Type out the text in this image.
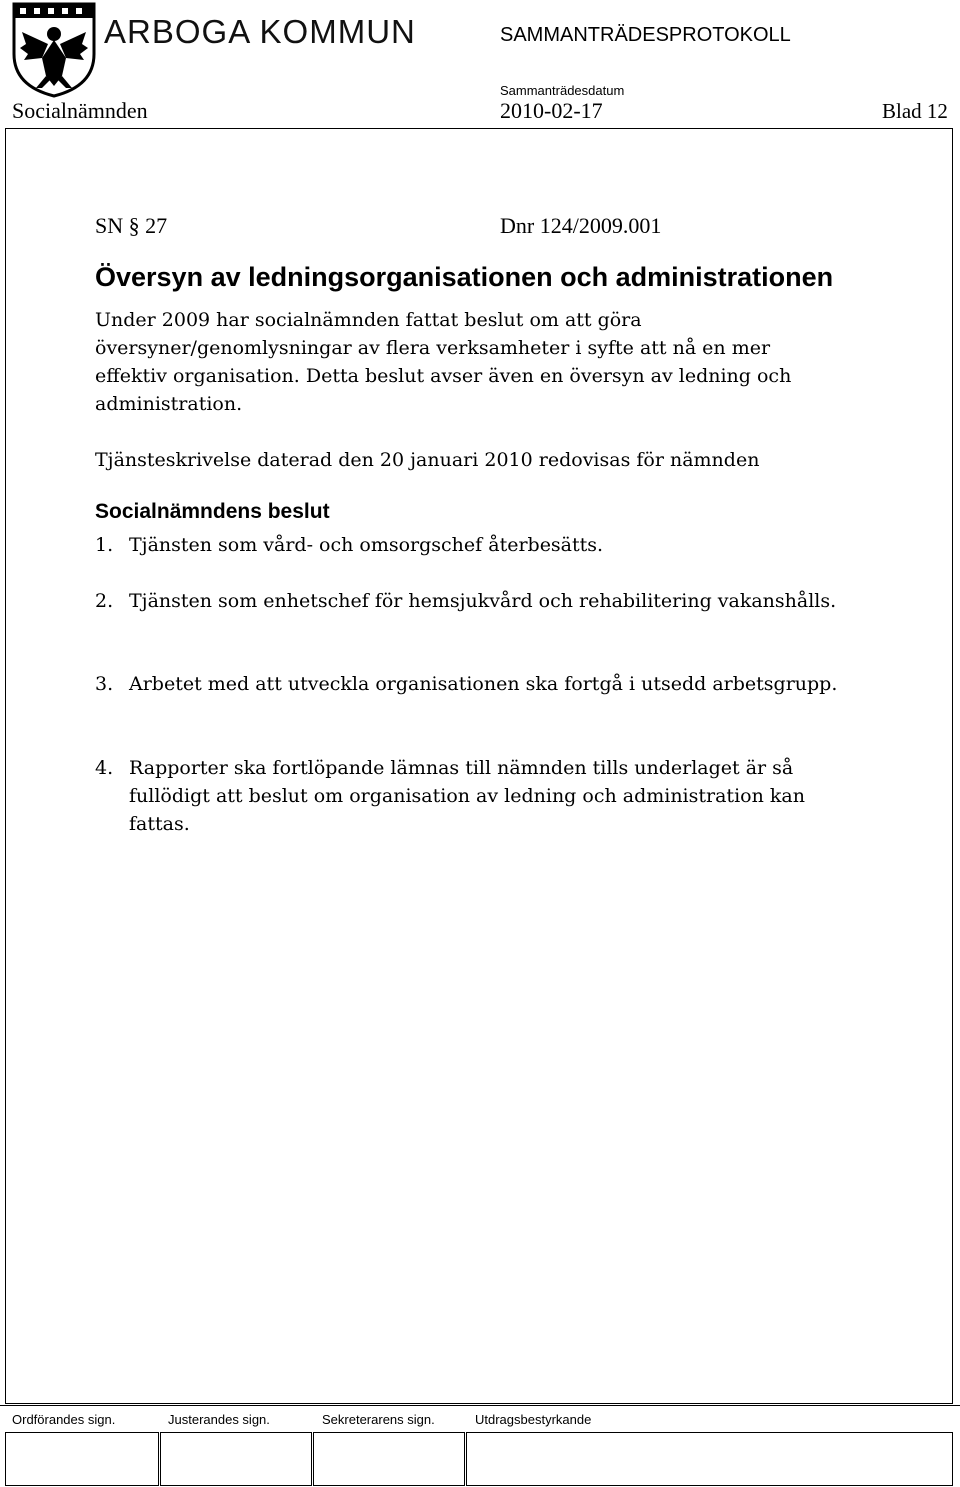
ARBOGA KOMMUN	SAMMANTRÄDESPROTOKOLL
Socialnämnden
Sammanträdesdatum
2010-02-17	Blad 12
SN § 27	Dnr 124/2009.001
Översyn av ledningsorganisationen och administrationen
Under 2009 har socialnämnden fattat beslut om att göra översyner/genomlysningar av flera verksamheter i syfte att nå en mer effektiv organisation. Detta beslut avser även en översyn av ledning och administration.
Tjänsteskrivelse daterad den 20 januari 2010 redovisas för nämnden
Socialnämndens beslut
1. Tjänsten som vård- och omsorgschef återbesätts.
2. Tjänsten som enhetschef för hemsjukvård och rehabilitering vakanshålls.
3. Arbetet med att utveckla organisationen ska fortgå i utsedd arbetsgrupp.
4. Rapporter ska fortlöpande lämnas till nämnden tills underlaget är så fullödigt att beslut om organisation av ledning och administration kan fattas.
Ordförandes sign.	Justerandes sign.	Sekreterarens sign.	Utdragsbestyrkande
